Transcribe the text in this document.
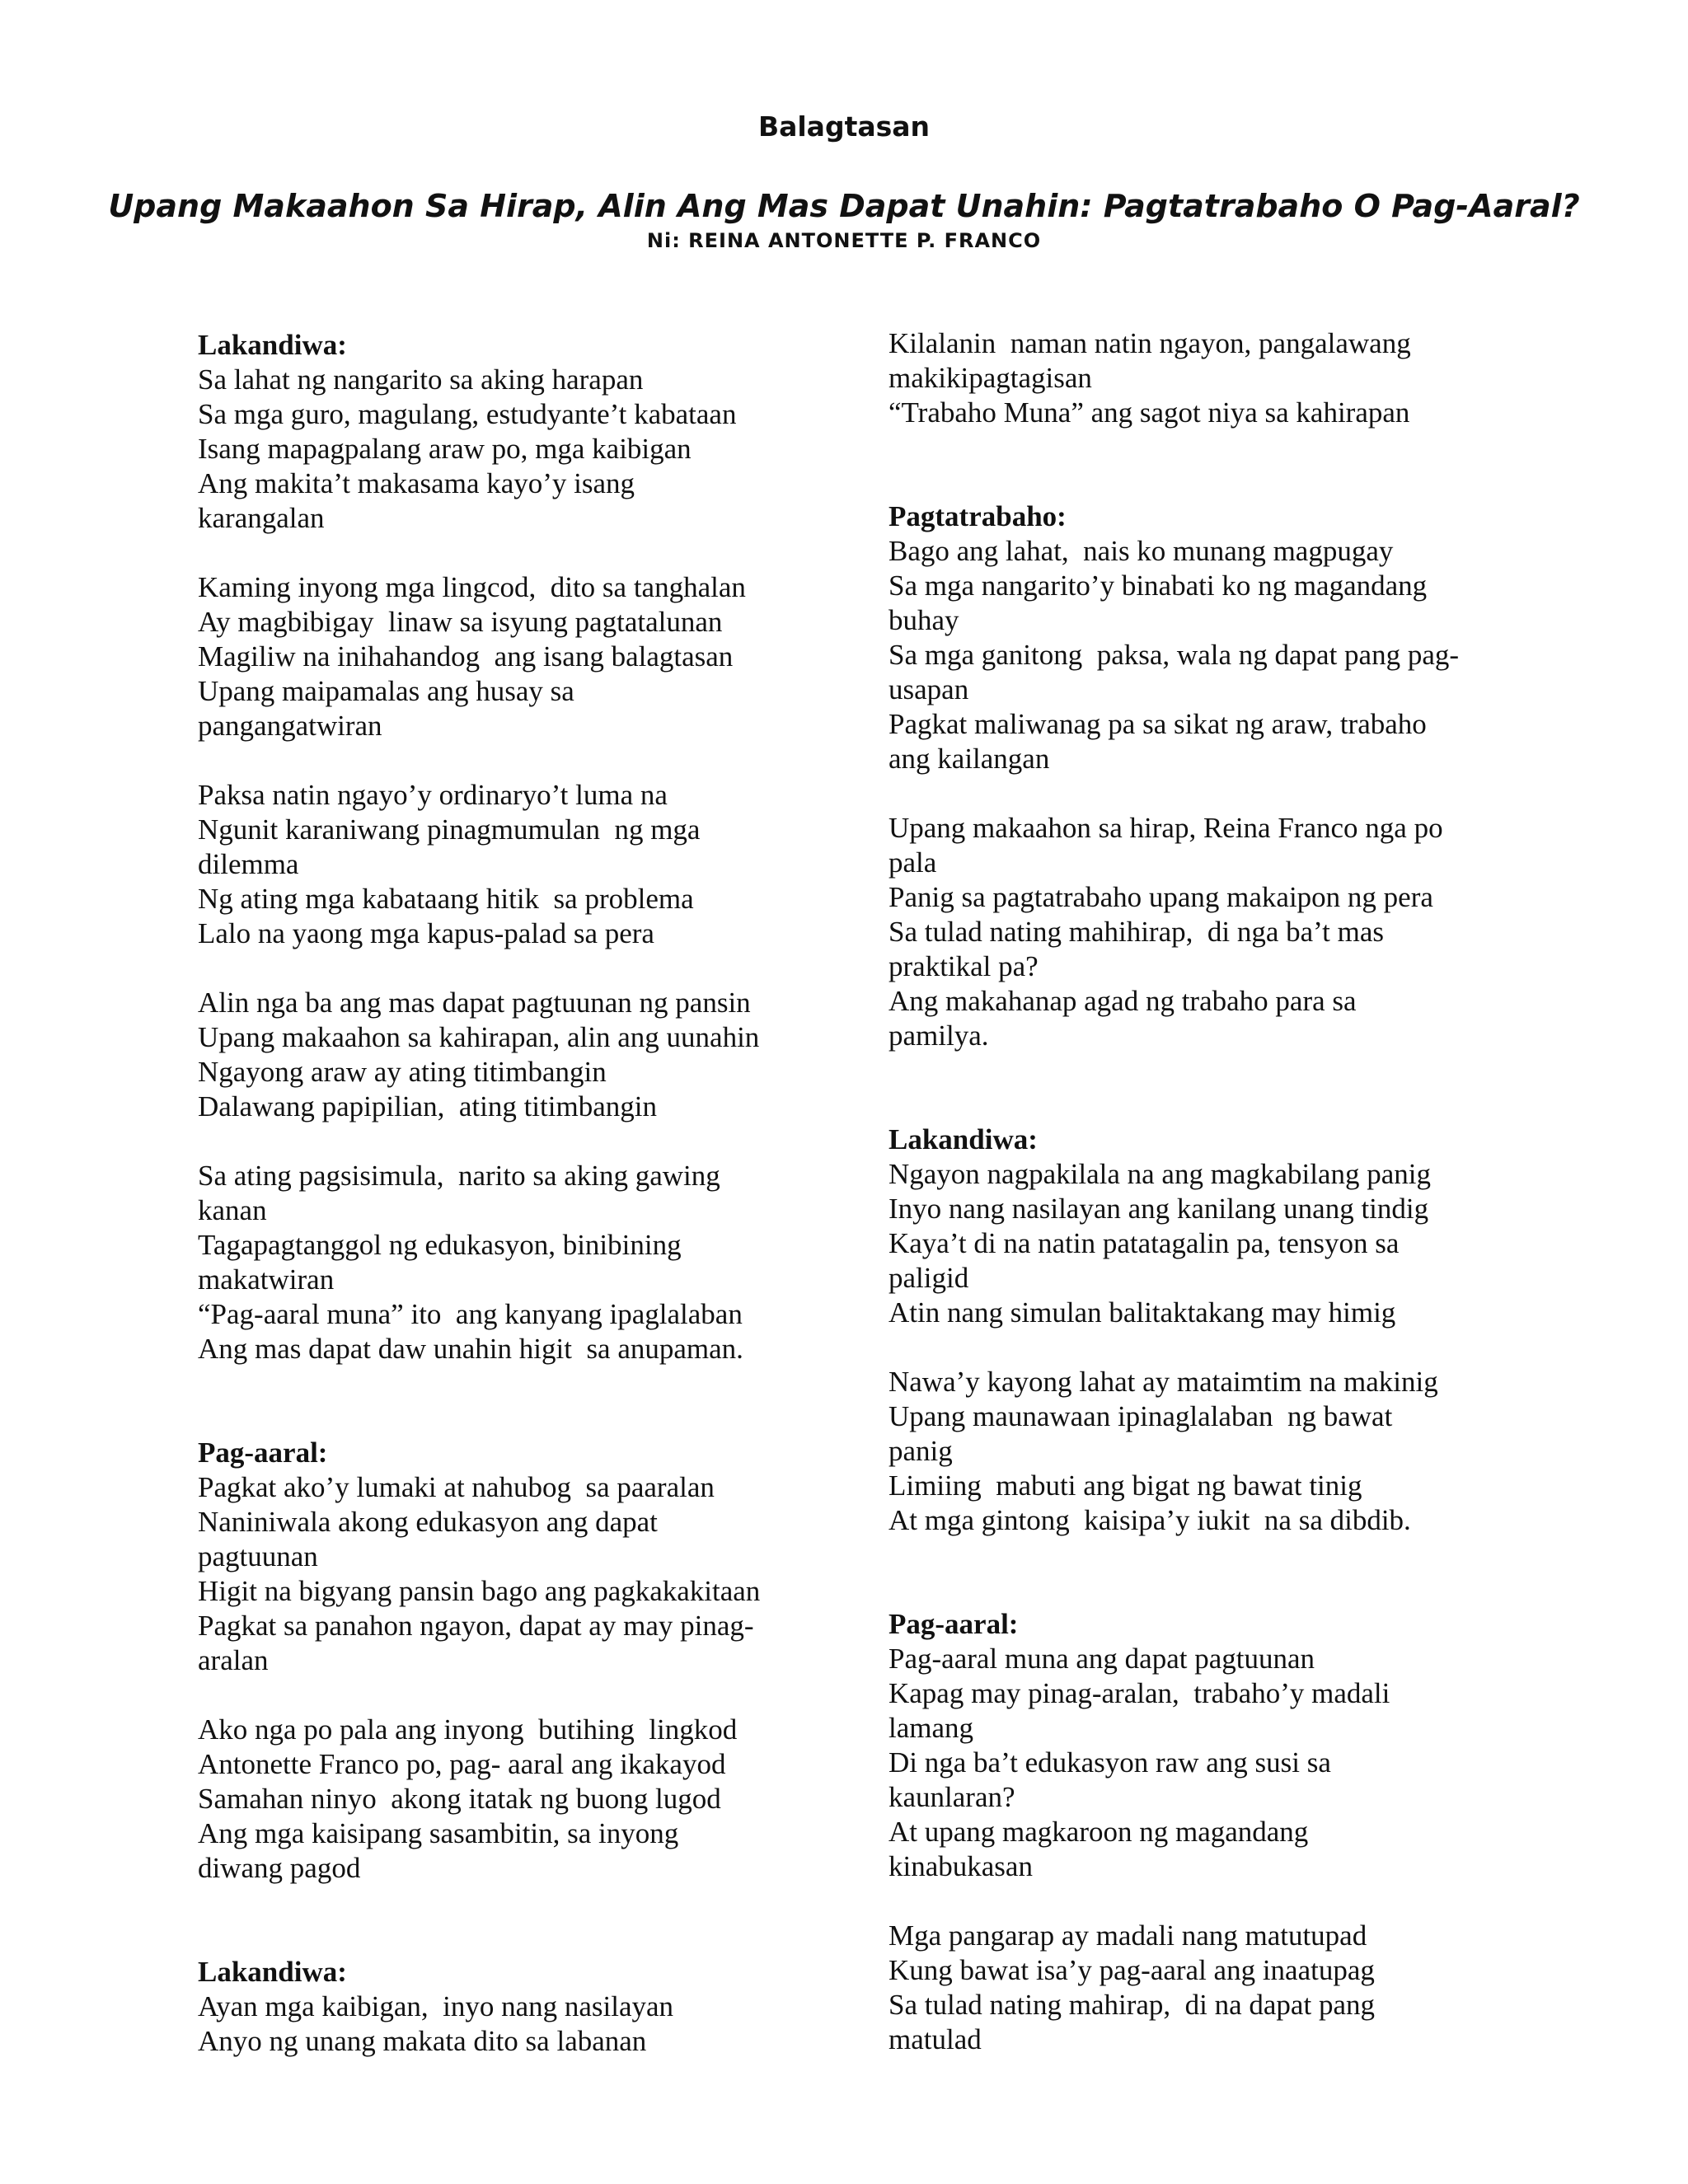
Balagtasan
Upang Makaahon Sa Hirap, Alin Ang Mas Dapat Unahin: Pagtatrabaho O Pag-Aaral?
Ni: REINA ANTONETTE P. FRANCO
Lakandiwa:
Sa lahat ng nangarito sa aking harapan
Sa mga guro, magulang, estudyante’t kabataan
Isang mapagpalang araw po, mga kaibigan
Ang makita’t makasama kayo’y isang
karangalan
Kaming inyong mga lingcod,  dito sa tanghalan
Ay magbibigay  linaw sa isyung pagtatalunan
Magiliw na inihahandog  ang isang balagtasan
Upang maipamalas ang husay sa
pangangatwiran
Paksa natin ngayo’y ordinaryo’t luma na
Ngunit karaniwang pinagmumulan  ng mga
dilemma
Ng ating mga kabataang hitik  sa problema
Lalo na yaong mga kapus-palad sa pera
Alin nga ba ang mas dapat pagtuunan ng pansin
Upang makaahon sa kahirapan, alin ang uunahin
Ngayong araw ay ating titimbangin
Dalawang papipilian,  ating titimbangin
Sa ating pagsisimula,  narito sa aking gawing
kanan
Tagapagtanggol ng edukasyon, binibining
makatwiran
“Pag-aaral muna” ito  ang kanyang ipaglalaban
Ang mas dapat daw unahin higit  sa anupaman.
Pag-aaral:
Pagkat ako’y lumaki at nahubog  sa paaralan
Naniniwala akong edukasyon ang dapat
pagtuunan
Higit na bigyang pansin bago ang pagkakakitaan
Pagkat sa panahon ngayon, dapat ay may pinag-
aralan
Ako nga po pala ang inyong  butihing  lingkod
Antonette Franco po, pag- aaral ang ikakayod
Samahan ninyo  akong itatak ng buong lugod
Ang mga kaisipang sasambitin, sa inyong
diwang pagod
Lakandiwa:
Ayan mga kaibigan,  inyo nang nasilayan
Anyo ng unang makata dito sa labanan
Kilalanin  naman natin ngayon, pangalawang
makikipagtagisan
“Trabaho Muna” ang sagot niya sa kahirapan
Pagtatrabaho:
Bago ang lahat,  nais ko munang magpugay
Sa mga nangarito’y binabati ko ng magandang
buhay
Sa mga ganitong  paksa, wala ng dapat pang pag-
usapan
Pagkat maliwanag pa sa sikat ng araw, trabaho
ang kailangan
Upang makaahon sa hirap, Reina Franco nga po
pala
Panig sa pagtatrabaho upang makaipon ng pera
Sa tulad nating mahihirap,  di nga ba’t mas
praktikal pa?
Ang makahanap agad ng trabaho para sa
pamilya.
Lakandiwa:
Ngayon nagpakilala na ang magkabilang panig
Inyo nang nasilayan ang kanilang unang tindig
Kaya’t di na natin patatagalin pa, tensyon sa
paligid
Atin nang simulan balitaktakang may himig
Nawa’y kayong lahat ay mataimtim na makinig
Upang maunawaan ipinaglalaban  ng bawat
panig
Limiing  mabuti ang bigat ng bawat tinig
At mga gintong  kaisipa’y iukit  na sa dibdib.
Pag-aaral:
Pag-aaral muna ang dapat pagtuunan
Kapag may pinag-aralan,  trabaho’y madali
lamang
Di nga ba’t edukasyon raw ang susi sa
kaunlaran?
At upang magkaroon ng magandang
kinabukasan
Mga pangarap ay madali nang matutupad
Kung bawat isa’y pag-aaral ang inaatupag
Sa tulad nating mahirap,  di na dapat pang
matulad
